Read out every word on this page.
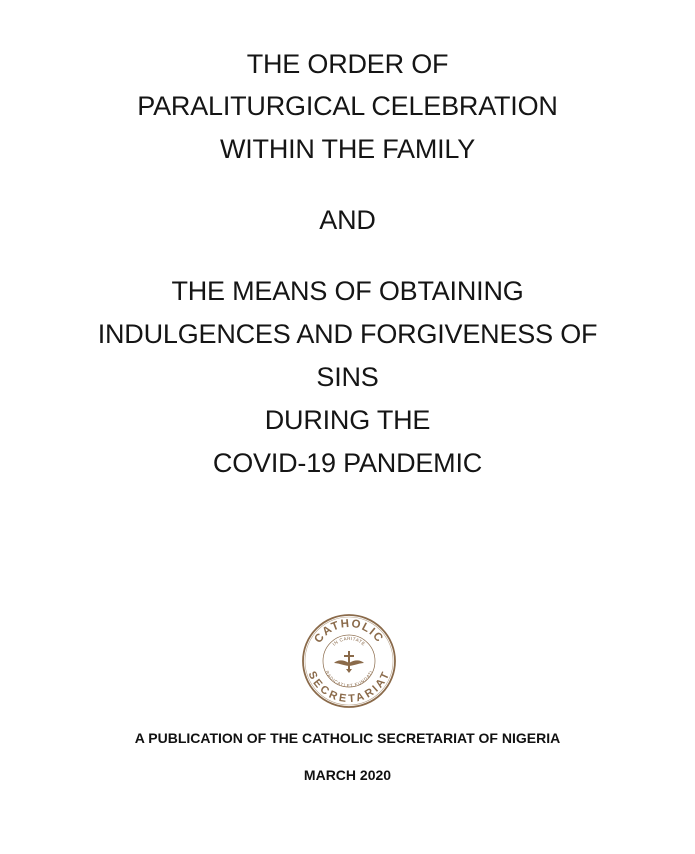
THE ORDER OF
PARALITURGICAL CELEBRATION
WITHIN THE FAMILY
AND
THE MEANS OF OBTAINING
INDULGENCES AND FORGIVENESS OF
SINS
DURING THE
COVID-19 PANDEMIC
CATHOLIC
SECRETARIAT
IN CARITATE
RADICATI ET FUNDATI
A PUBLICATION OF THE CATHOLIC SECRETARIAT OF NIGERIA
MARCH 2020
